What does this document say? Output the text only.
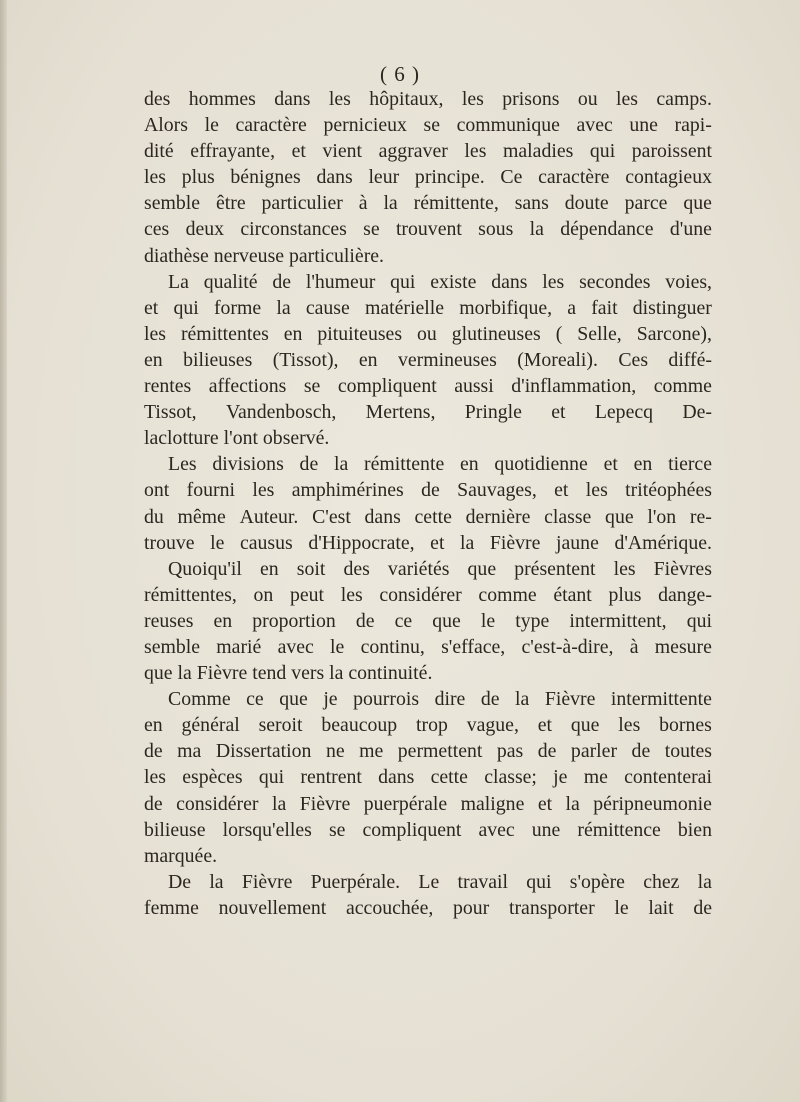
( 6 )
des hommes dans les hôpitaux, les prisons ou les camps.
Alors le caractère pernicieux se communique avec une rapi-
dité effrayante, et vient aggraver les maladies qui paroissent
les plus bénignes dans leur principe. Ce caractère contagieux
semble être particulier à la rémittente, sans doute parce que
ces deux circonstances se trouvent sous la dépendance d'une
diathèse nerveuse particulière.
La qualité de l'humeur qui existe dans les secondes voies,
et qui forme la cause matérielle morbifique, a fait distinguer
les rémittentes en pituiteuses ou glutineuses ( Selle, Sarcone),
en bilieuses (Tissot), en vermineuses (Moreali). Ces diffé-
rentes affections se compliquent aussi d'inflammation, comme
Tissot, Vandenbosch, Mertens, Pringle et Lepecq De-
laclotture l'ont observé.
Les divisions de la rémittente en quotidienne et en tierce
ont fourni les amphimérines de Sauvages, et les tritéophées
du même Auteur. C'est dans cette dernière classe que l'on re-
trouve le causus d'Hippocrate, et la Fièvre jaune d'Amérique.
Quoiqu'il en soit des variétés que présentent les Fièvres
rémittentes, on peut les considérer comme étant plus dange-
reuses en proportion de ce que le type intermittent, qui
semble marié avec le continu, s'efface, c'est-à-dire, à mesure
que la Fièvre tend vers la continuité.
Comme ce que je pourrois dire de la Fièvre intermittente
en général seroit beaucoup trop vague, et que les bornes
de ma Dissertation ne me permettent pas de parler de toutes
les espèces qui rentrent dans cette classe; je me contenterai
de considérer la Fièvre puerpérale maligne et la péripneumonie
bilieuse lorsqu'elles se compliquent avec une rémittence bien
marquée.
De la Fièvre Puerpérale. Le travail qui s'opère chez la
femme nouvellement accouchée, pour transporter le lait de
